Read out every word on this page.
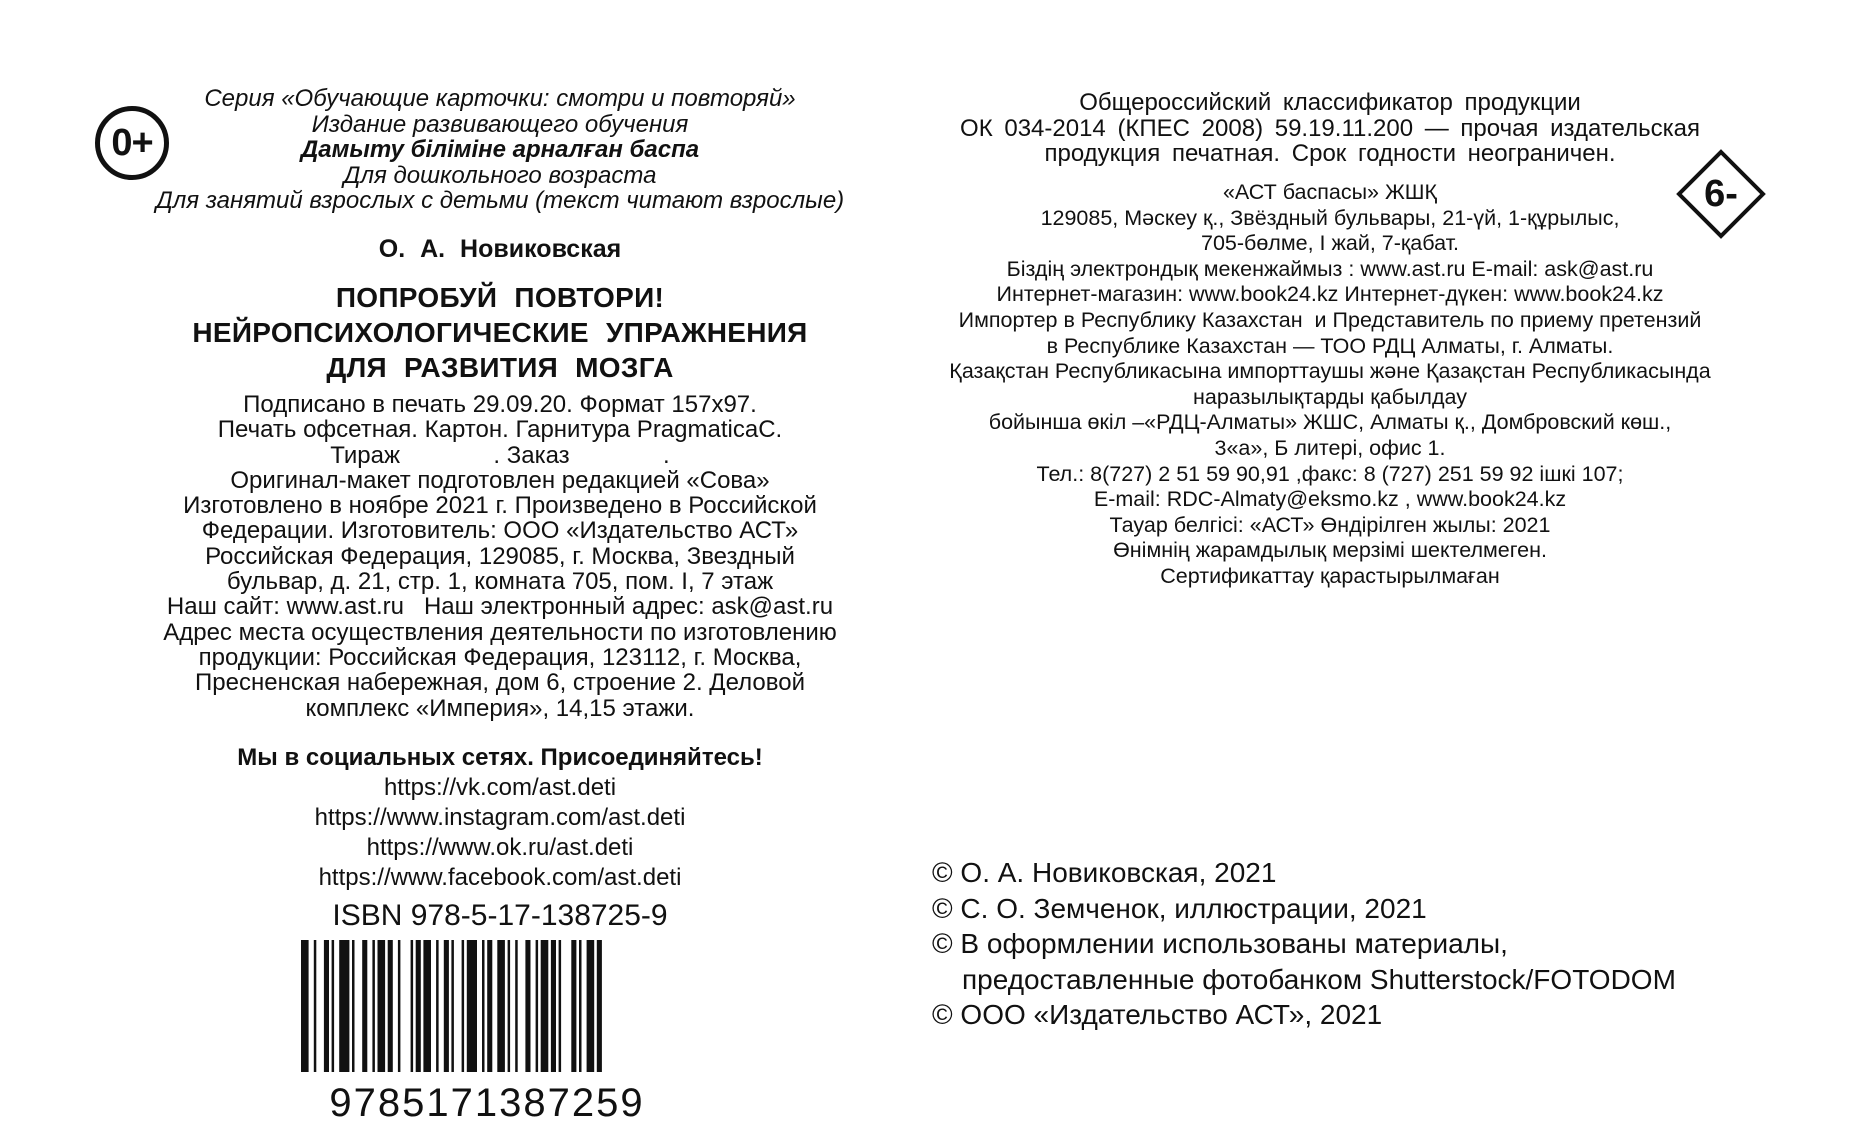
0+
Серия «Обучающие карточки: смотри и повторяй»
Издание развивающего обучения
Дамыту біліміне арналған баспа
Для дошкольного возраста
Для занятий взрослых с детьми (текст читают взрослые)
О. А. Новиковская
ПОПРОБУЙ ПОВТОРИ!
НЕЙРОПСИХОЛОГИЧЕСКИЕ УПРАЖНЕНИЯ
ДЛЯ РАЗВИТИЯ МОЗГА
Подписано в печать 29.09.20. Формат 157х97.
Печать офсетная. Картон. Гарнитура PragmaticaC.
Тираж              . Заказ              .
Оригинал-макет подготовлен редакцией «Сова»
Изготовлено в ноябре 2021 г. Произведено в Российской
Федерации. Изготовитель: ООО «Издательство АСТ»
Российская Федерация, 129085, г. Москва, Звездный
бульвар, д. 21, стр. 1, комната 705, пом. I, 7 этаж
Наш сайт: www.ast.ru   Наш электронный адрес: ask@ast.ru
Адрес места осуществления деятельности по изготовлению
продукции: Российская Федерация, 123112, г. Москва,
Пресненская набережная, дом 6, строение 2. Деловой
комплекс «Империя», 14,15 этажи.
Мы в социальных сетях. Присоединяйтесь!
https://vk.com/ast.deti
https://www.instagram.com/ast.deti
https://www.ok.ru/ast.deti
https://www.facebook.com/ast.deti
ISBN 978-5-17-138725-9
9785171387259
Общероссийский классификатор продукции
ОК 034-2014 (КПЕС 2008) 59.19.11.200 — прочая издательская
продукция печатная. Срок годности неограничен.
6-
«АСТ баспасы» ЖШҚ
129085, Мәскеу қ., Звёздный бульвары, 21-үй, 1-құрылыс,
705-бөлме, I жай, 7-қабат.
Біздің электрондық мекенжаймыз : www.ast.ru E-mail: ask@ast.ru
Интернет-магазин: www.book24.kz Интернет-дүкен: www.book24.kz
Импортер в Республику Казахстан  и Представитель по приему претензий
в Республике Казахстан — ТОО РДЦ Алматы, г. Алматы.
Қазақстан Республикасына импорттаушы және Қазақстан Республикасында
наразылықтарды қабылдау
бойынша өкіл –«РДЦ-Алматы» ЖШС, Алматы қ., Домбровский көш.,
3«а», Б литері, офис 1.
Тел.: 8(727) 2 51 59 90,91 ,факс: 8 (727) 251 59 92 ішкі 107;
E-mail: RDC-Almaty@eksmo.kz , www.book24.kz
Тауар белгісі: «АСТ» Өндірілген жылы: 2021
Өнімнің жарамдылық мерзімі шектелмеген.
Сертификаттау қарастырылмаған
© О. А. Новиковская, 2021
© С. О. Земченок, иллюстрации, 2021
© В оформлении использованы материалы,
предоставленные фотобанком Shutterstock/FOTODOM
© ООО «Издательство АСТ», 2021
